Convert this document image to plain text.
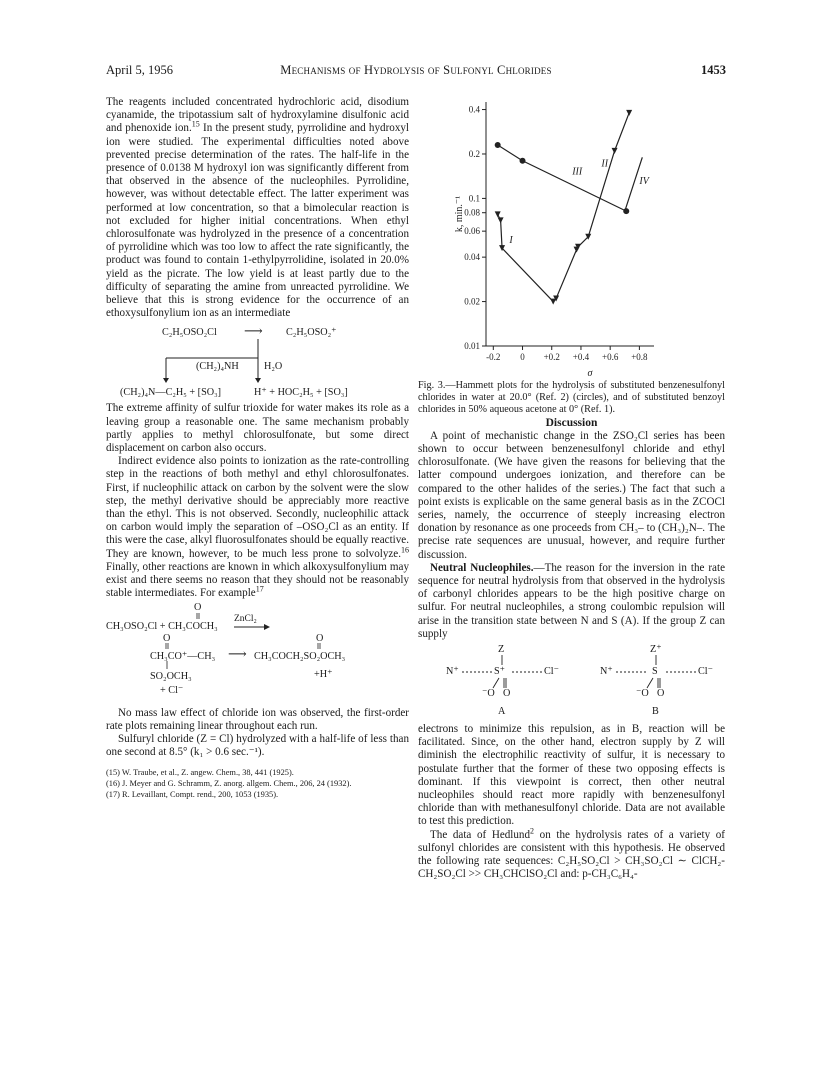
April 5, 1956	Mechanisms of Hydrolysis of Sulfonyl Chlorides	1453

The reagents included concentrated hydrochloric acid, disodium cyanamide, the tripotassium salt of hydroxylamine disulfonic acid and phenoxide ion.$^{15}$ In the present study, pyrrolidine and hydroxyl ion were studied. The experimental difficulties noted above prevented precise determination of the rates. The half-life in the presence of 0.0138 M hydroxyl ion was significantly different from that observed in the absence of the nucleophiles. Pyrrolidine, however, was without detectable effect. The latter experiment was performed at low concentration, so that a bimolecular reaction is not excluded for higher initial concentrations. When ethyl chlorosulfonate was hydrolyzed in the presence of a concentration of pyrrolidine which was too low to affect the rate significantly, the product was found to contain 1-ethylpyrrolidine, isolated in 20.0% yield as the picrate. The low yield is at least partly due to the difficulty of separating the amine from unreacted pyrrolidine. We believe that this is strong evidence for the occurrence of an ethoxysulfonylium ion as an intermediate

C₂H₅OSO₂Cl ⟶ C₂H₅OSO₂⁺
(CH₂)₄NH H₂O
(CH₂)₄N—C₂H₅ + [SO₃]	H⁺ + HOC₂H₅ + [SO₃]

The extreme affinity of sulfur trioxide for water makes its role as a leaving group a reasonable one. The same mechanism probably partly applies to methyl chlorosulfonate, but some direct displacement on carbon also occurs.

Indirect evidence also points to ionization as the rate-controlling step in the reactions of both methyl and ethyl chlorosulfonates. First, if nucleophilic attack on carbon by the solvent were the slow step, the methyl derivative should be appreciably more reactive than the ethyl. This is not observed. Secondly, nucleophilic attack on carbon would imply the separation of –OSO₂Cl as an entity. If this were the case, alkyl fluorosulfonates should be equally reactive. They are known, however, to be much less prone to solvolyze.$^{16}$ Finally, other reactions are known in which alkoxysulfonylium may exist and there seems no reason that they should not be reasonably stable intermediates. For example$^{17}$

O
ZnCl₂
CH₃OSO₂Cl + CH₃COCH₃
O
CH₃CO⁺—CH₃ ⟶
O
CH₃COCH₂SO₂OCH₃
SO₂OCH₃
+ Cl⁻
+H⁺

No mass law effect of chloride ion was observed, the first-order rate plots remaining linear throughout each run.

Sulfuryl chloride (Z = Cl) hydrolyzed with a half-life of less than one second at 8.5° (k₁ > 0.6 sec.⁻¹).

(15) W. Traube, et al., Z. angew. Chem., 38, 441 (1925).
(16) J. Meyer and G. Schramm, Z. anorg. allgem. Chem., 206, 24 (1932).
(17) R. Levaillant, Compt. rend., 200, 1053 (1935).
0.01
0.02
0.04
0.06
0.08
0.1
0.2
0.4
-0.2 0 +0.2 +0.4 +0.6 +0.8
σ
k, min.⁻¹
I
II
III
IV

Fig. 3.—Hammett plots for the hydrolysis of substituted benzenesulfonyl chlorides in water at 20.0° (Ref. 2) (circles), and of substituted benzoyl chlorides in 50% aqueous acetone at 0° (Ref. 1).

Discussion

A point of mechanistic change in the ZSO₂Cl series has been shown to occur between benzenesulfonyl chloride and ethyl chlorosulfonate. (We have given the reasons for believing that the latter compound undergoes ionization, and therefore can be compared to the other halides of the series.) The fact that such a point exists is explicable on the same general basis as in the ZCOCl series, namely, the occurrence of steeply increasing electron donation by resonance as one proceeds from CH₃– to (CH₃)₂N–. The precise rate sequences are unusual, however, and require further discussion.

Neutral Nucleophiles.—The reason for the inversion in the rate sequence for neutral hydrolysis from that observed in the hydrolysis of carbonyl chlorides appears to be the high positive charge on sulfur. For neutral nucleophiles, a strong coulombic repulsion will arise in the transition state between N and S (A). If the group Z can supply

Z
N⁺	S⁺	Cl⁻
⁻O O
A
Z⁺
N⁺	S	Cl⁻
⁻O O
B

electrons to minimize this repulsion, as in B, reaction will be facilitated. Since, on the other hand, electron supply by Z will diminish the electrophilic reactivity of sulfur, it is necessary to postulate further that the former of these two opposing effects is dominant. If this viewpoint is correct, then other neutral nucleophiles should react more rapidly with benzenesulfonyl chloride than with methanesulfonyl chloride. Data are not available to test this prediction.

The data of Hedlund$^2$ on the hydrolysis rates of a variety of sulfonyl chlorides are consistent with this hypothesis. He observed the following rate sequences: C₂H₅SO₂Cl > CH₃SO₂Cl ∼ ClCH₂-CH₂SO₂Cl >> CH₃CHClSO₂Cl and: p-CH₃C₆H₄-
